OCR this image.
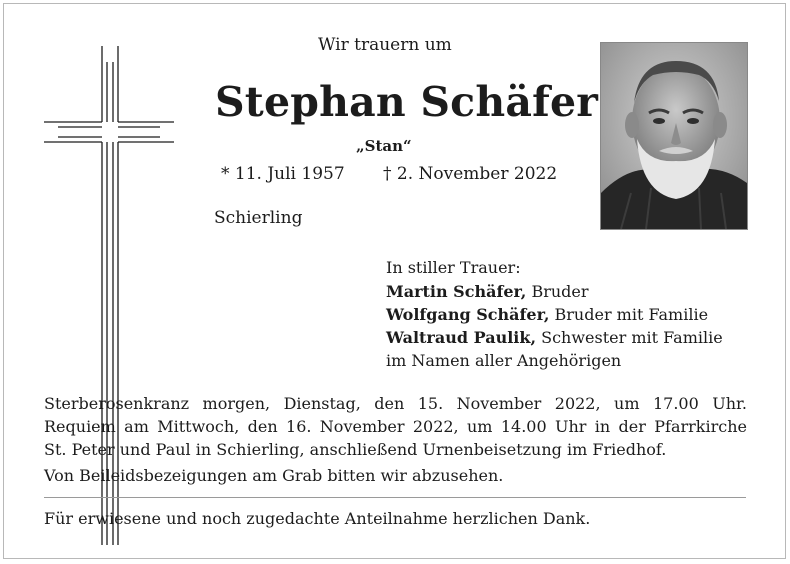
Wir trauern um
Stephan Schäfer
„Stan“
* 11. Juli 1957 † 2. November 2022
Schierling
In stiller Trauer:
Martin Schäfer, Bruder
Wolfgang Schäfer, Bruder mit Familie
Waltraud Paulik, Schwester mit Familie
im Namen aller Angehörigen
Sterberosenkranz morgen, Dienstag, den 15. November 2022, um 17.00 Uhr.
Requiem am Mittwoch, den 16. November 2022, um 14.00 Uhr in der Pfarrkirche
St. Peter und Paul in Schierling, anschließend Urnenbeisetzung im Friedhof.
Von Beileidsbezeigungen am Grab bitten wir abzusehen.
Für erwiesene und noch zugedachte Anteilnahme herzlichen Dank.
